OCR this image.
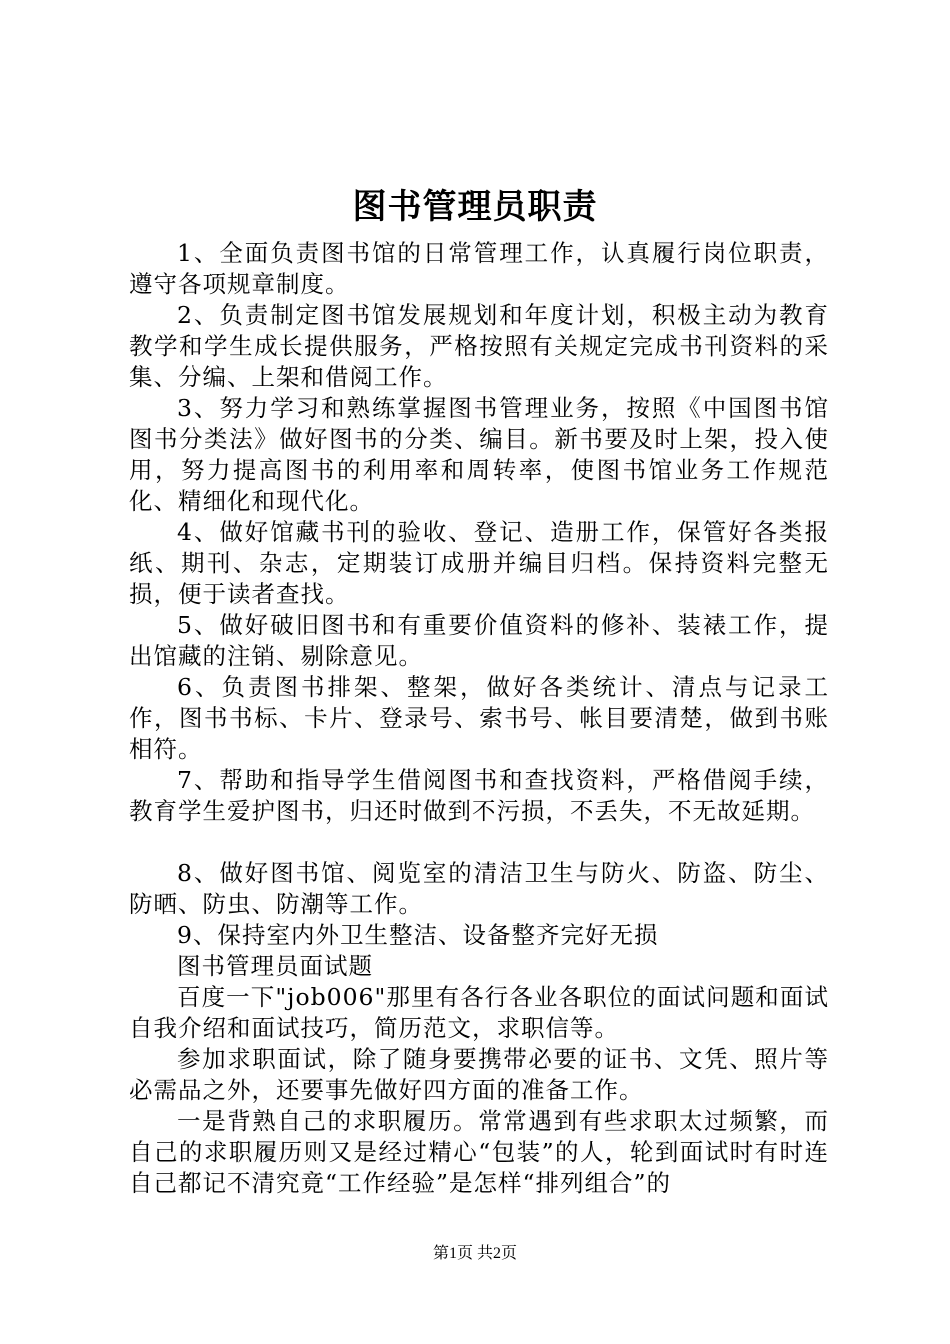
图书管理员职责

1、全面负责图书馆的日常管理工作，认真履行岗位职责，遵守各项规章制度。

2、负责制定图书馆发展规划和年度计划，积极主动为教育教学和学生成长提供服务，严格按照有关规定完成书刊资料的采集、分编、上架和借阅工作。

3、努力学习和熟练掌握图书管理业务，按照《中国图书馆图书分类法》做好图书的分类、编目。新书要及时上架，投入使用，努力提高图书的利用率和周转率，使图书馆业务工作规范化、精细化和现代化。

4、做好馆藏书刊的验收、登记、造册工作，保管好各类报纸、期刊、杂志，定期装订成册并编目归档。保持资料完整无损，便于读者查找。

5、做好破旧图书和有重要价值资料的修补、装裱工作，提出馆藏的注销、剔除意见。

6、负责图书排架、整架，做好各类统计、清点与记录工作，图书书标、卡片、登录号、索书号、帐目要清楚，做到书账相符。

7、帮助和指导学生借阅图书和查找资料，严格借阅手续，教育学生爱护图书，归还时做到不污损，不丢失，不无故延期。

8、做好图书馆、阅览室的清洁卫生与防火、防盗、防尘、防晒、防虫、防潮等工作。

9、保持室内外卫生整洁、设备整齐完好无损

图书管理员面试题

百度一下"job006"那里有各行各业各职位的面试问题和面试自我介绍和面试技巧，简历范文，求职信等。

参加求职面试，除了随身要携带必要的证书、文凭、照片等必需品之外，还要事先做好四方面的准备工作。

一是背熟自己的求职履历。常常遇到有些求职太过频繁，而自己的求职履历则又是经过精心“包装”的人，轮到面试时有时连自己都记不清究竟“工作经验”是怎样“排列组合”的

第1页 共2页
